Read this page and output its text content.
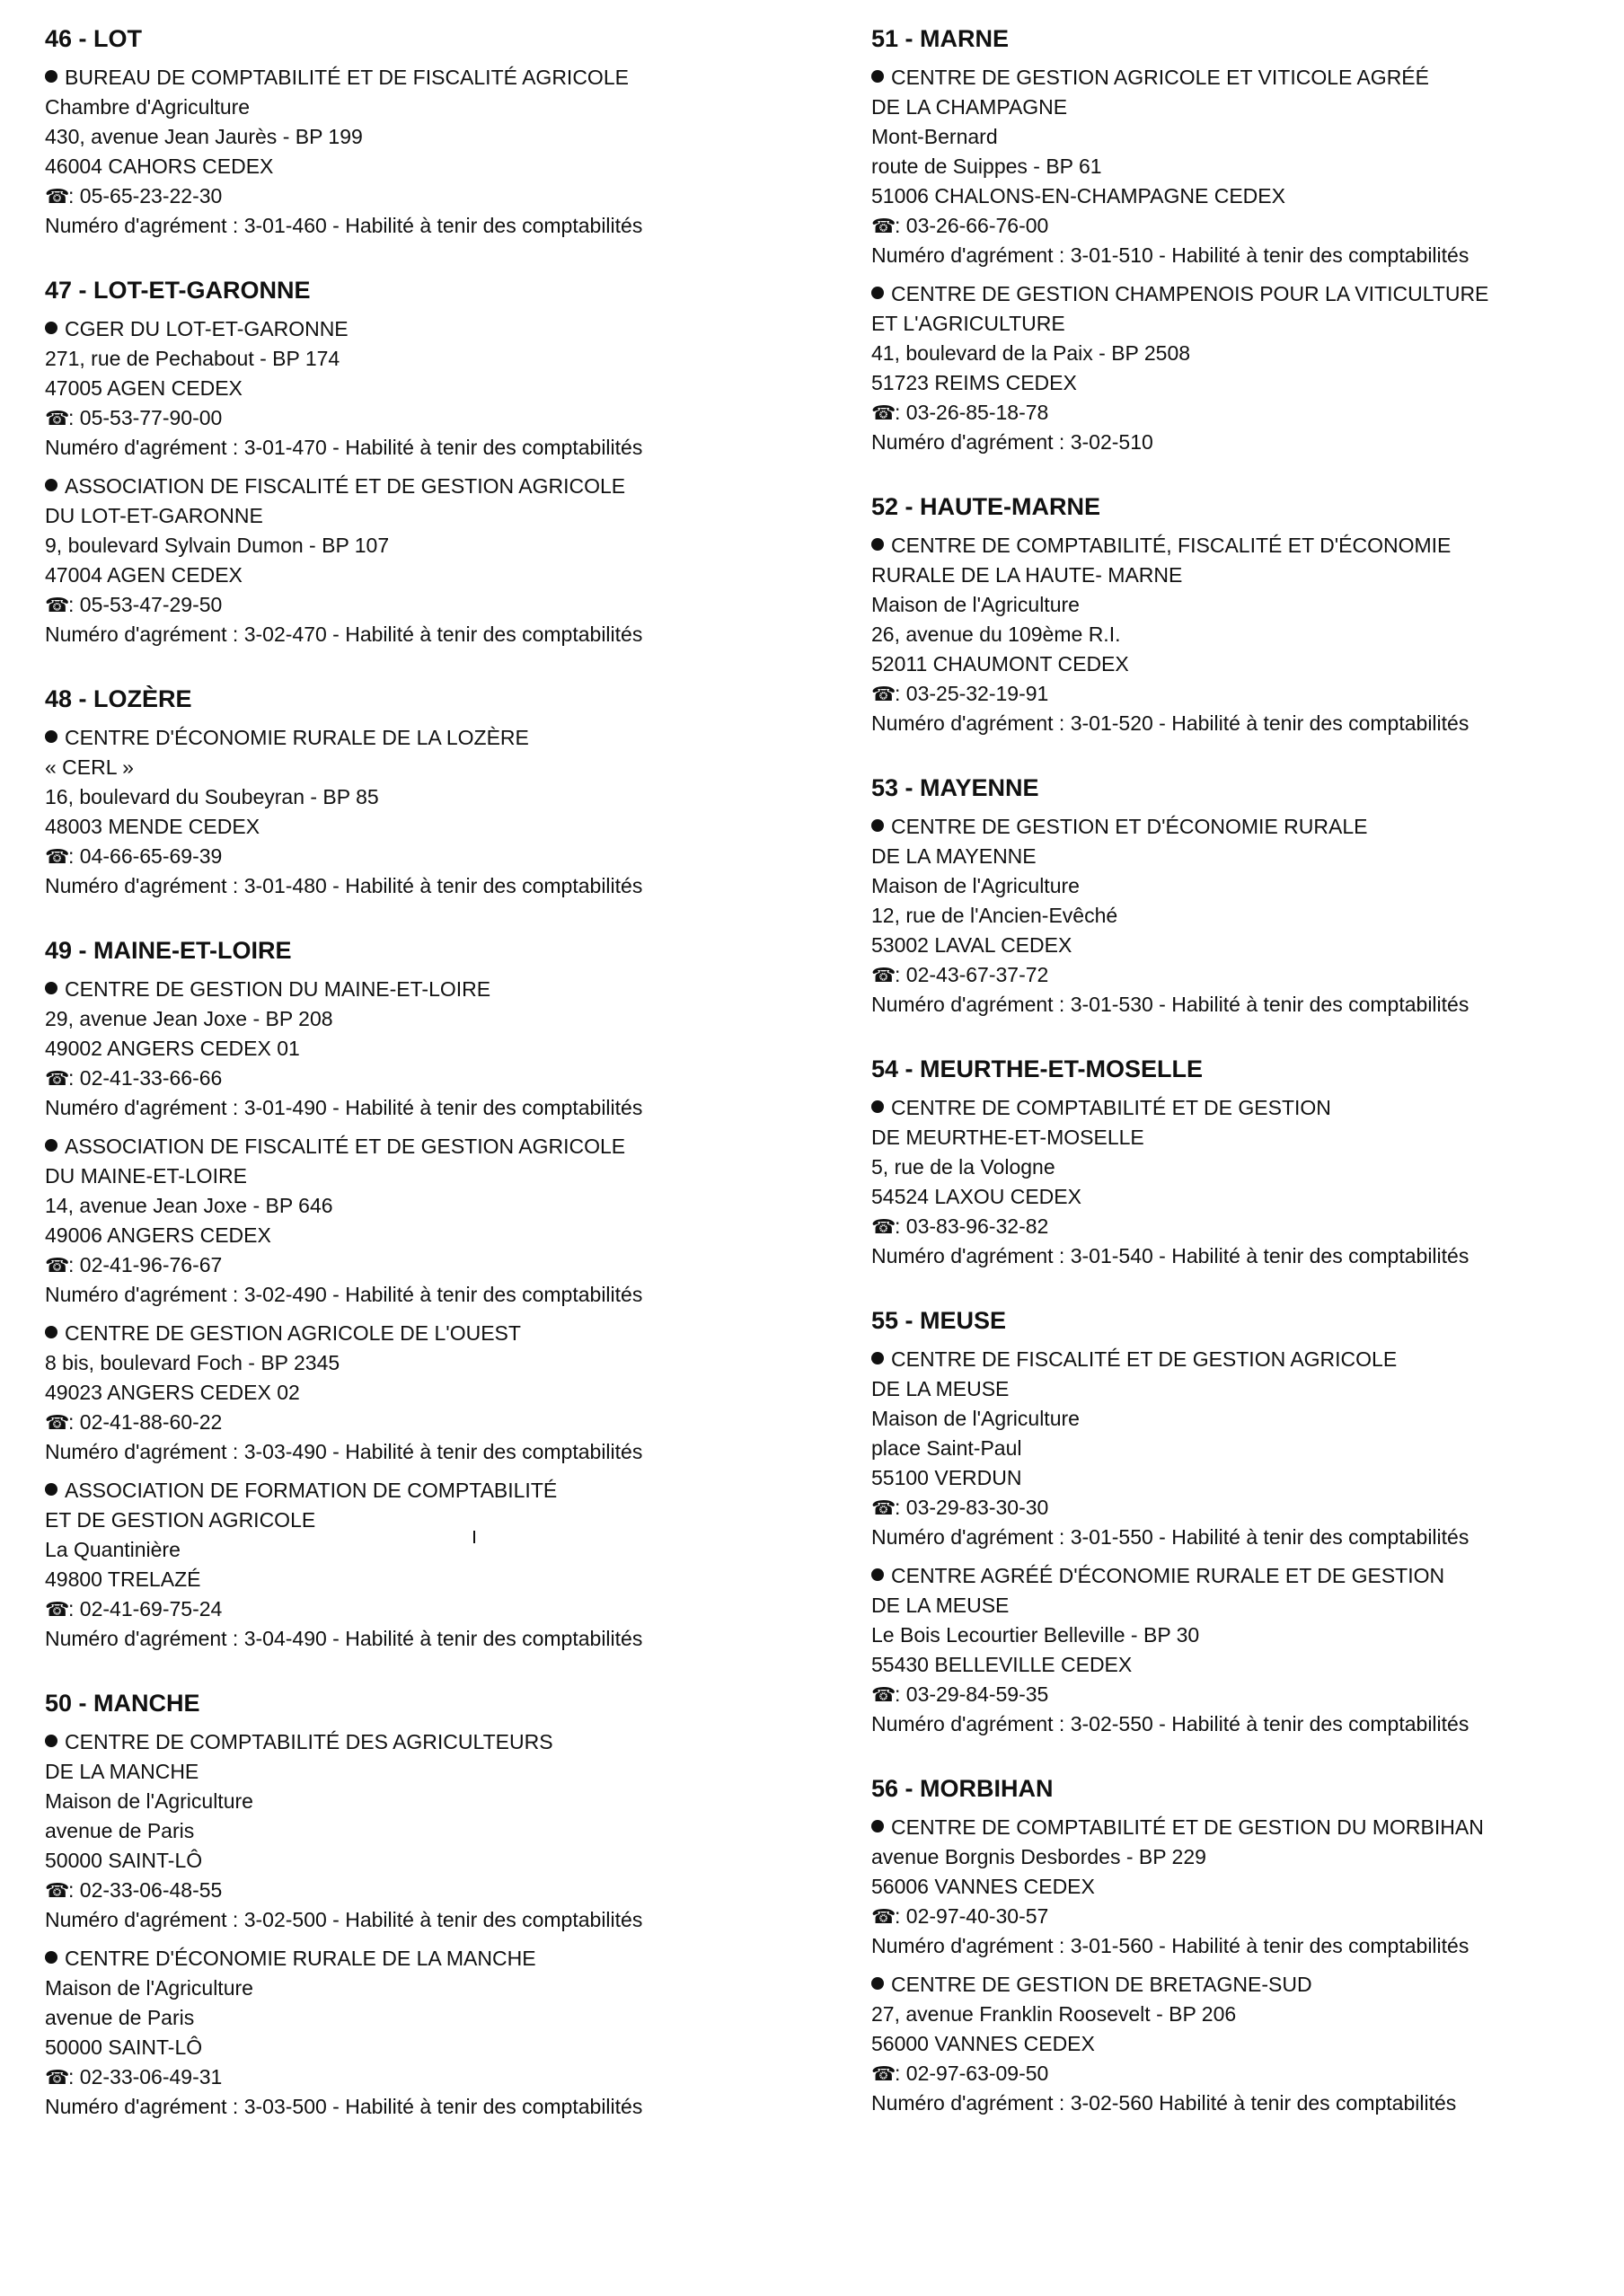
46 - LOT
BUREAU DE COMPTABILITÉ ET DE FISCALITÉ AGRICOLE
Chambre d'Agriculture
430, avenue Jean Jaurès - BP 199
46004 CAHORS CEDEX
☎: 05-65-23-22-30
Numéro d'agrément : 3-01-460 - Habilité à tenir des comptabilités
47 - LOT-ET-GARONNE
CGER DU LOT-ET-GARONNE
271, rue de Pechabout - BP 174
47005 AGEN CEDEX
☎: 05-53-77-90-00
Numéro d'agrément : 3-01-470 - Habilité à tenir des comptabilités
ASSOCIATION DE FISCALITÉ ET DE GESTION AGRICOLE
DU LOT-ET-GARONNE
9, boulevard Sylvain Dumon - BP 107
47004 AGEN CEDEX
☎: 05-53-47-29-50
Numéro d'agrément : 3-02-470 - Habilité à tenir des comptabilités
48 - LOZÈRE
CENTRE D'ÉCONOMIE RURALE DE LA LOZÈRE
« CERL »
16, boulevard du Soubeyran - BP 85
48003 MENDE CEDEX
☎: 04-66-65-69-39
Numéro d'agrément : 3-01-480 - Habilité à tenir des comptabilités
49 - MAINE-ET-LOIRE
CENTRE DE GESTION DU MAINE-ET-LOIRE
29, avenue Jean Joxe - BP 208
49002 ANGERS CEDEX 01
☎: 02-41-33-66-66
Numéro d'agrément : 3-01-490 - Habilité à tenir des comptabilités
ASSOCIATION DE FISCALITÉ ET DE GESTION AGRICOLE
DU MAINE-ET-LOIRE
14, avenue Jean Joxe - BP 646
49006 ANGERS CEDEX
☎: 02-41-96-76-67
Numéro d'agrément : 3-02-490 - Habilité à tenir des comptabilités
CENTRE DE GESTION AGRICOLE DE L'OUEST
8 bis, boulevard Foch - BP 2345
49023 ANGERS CEDEX 02
☎: 02-41-88-60-22
Numéro d'agrément : 3-03-490 - Habilité à tenir des comptabilités
ASSOCIATION DE FORMATION DE COMPTABILITÉ
ET DE GESTION AGRICOLE
La Quantinière
49800 TRELAZÉ
☎: 02-41-69-75-24
Numéro d'agrément : 3-04-490 - Habilité à tenir des comptabilités
50 - MANCHE
CENTRE DE COMPTABILITÉ DES AGRICULTEURS
DE LA MANCHE
Maison de l'Agriculture
avenue de Paris
50000 SAINT-LÔ
☎: 02-33-06-48-55
Numéro d'agrément : 3-02-500 - Habilité à tenir des comptabilités
CENTRE D'ÉCONOMIE RURALE DE LA MANCHE
Maison de l'Agriculture
avenue de Paris
50000 SAINT-LÔ
☎: 02-33-06-49-31
Numéro d'agrément : 3-03-500 - Habilité à tenir des comptabilités
51 - MARNE
CENTRE DE GESTION AGRICOLE ET VITICOLE AGRÉÉ
DE LA CHAMPAGNE
Mont-Bernard
route de Suippes - BP 61
51006 CHALONS-EN-CHAMPAGNE CEDEX
☎: 03-26-66-76-00
Numéro d'agrément : 3-01-510 - Habilité à tenir des comptabilités
CENTRE DE GESTION CHAMPENOIS POUR LA VITICULTURE
ET L'AGRICULTURE
41, boulevard de la Paix - BP 2508
51723 REIMS CEDEX
☎: 03-26-85-18-78
Numéro d'agrément : 3-02-510
52 - HAUTE-MARNE
CENTRE DE COMPTABILITÉ, FISCALITÉ ET D'ÉCONOMIE
RURALE DE LA HAUTE- MARNE
Maison de l'Agriculture
26, avenue du 109ème R.I.
52011 CHAUMONT CEDEX
☎: 03-25-32-19-91
Numéro d'agrément : 3-01-520 - Habilité à tenir des comptabilités
53 - MAYENNE
CENTRE DE GESTION ET D'ÉCONOMIE RURALE
DE LA MAYENNE
Maison de l'Agriculture
12, rue de l'Ancien-Evêché
53002 LAVAL CEDEX
☎: 02-43-67-37-72
Numéro d'agrément : 3-01-530 - Habilité à tenir des comptabilités
54 - MEURTHE-ET-MOSELLE
CENTRE DE COMPTABILITÉ ET DE GESTION
DE MEURTHE-ET-MOSELLE
5, rue de la Vologne
54524 LAXOU CEDEX
☎: 03-83-96-32-82
Numéro d'agrément : 3-01-540 - Habilité à tenir des comptabilités
55 - MEUSE
CENTRE DE FISCALITÉ ET DE GESTION AGRICOLE
DE LA MEUSE
Maison de l'Agriculture
place Saint-Paul
55100 VERDUN
☎: 03-29-83-30-30
Numéro d'agrément : 3-01-550 - Habilité à tenir des comptabilités
CENTRE AGRÉÉ D'ÉCONOMIE RURALE ET DE GESTION
DE LA MEUSE
Le Bois Lecourtier Belleville - BP 30
55430 BELLEVILLE CEDEX
☎: 03-29-84-59-35
Numéro d'agrément : 3-02-550 - Habilité à tenir des comptabilités
56 - MORBIHAN
CENTRE DE COMPTABILITÉ ET DE GESTION DU MORBIHAN
avenue Borgnis Desbordes - BP 229
56006 VANNES CEDEX
☎: 02-97-40-30-57
Numéro d'agrément : 3-01-560 - Habilité à tenir des comptabilités
CENTRE DE GESTION DE BRETAGNE-SUD
27, avenue Franklin Roosevelt - BP 206
56000 VANNES CEDEX
☎: 02-97-63-09-50
Numéro d'agrément : 3-02-560 Habilité à tenir des comptabilités
